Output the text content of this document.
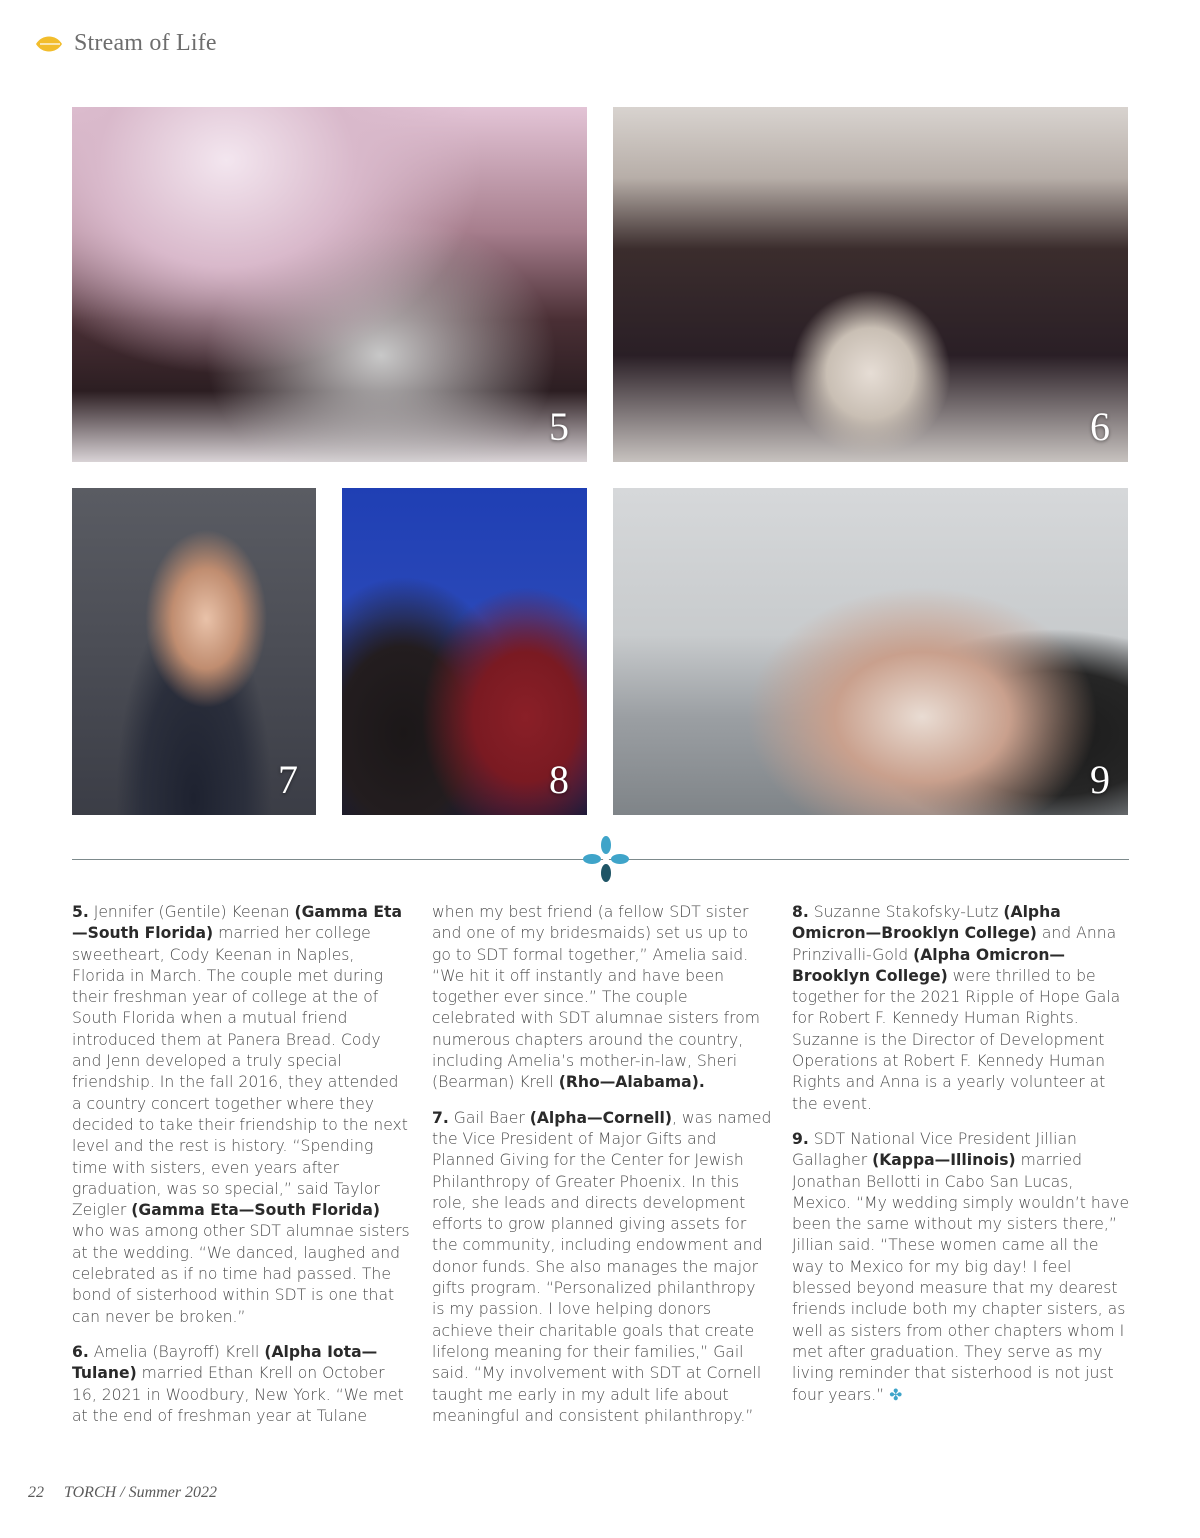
Stream of Life
5	6
7	8	9

5. Jennifer (Gentile) Keenan (Gamma Eta—South Florida) married her college sweetheart, Cody Keenan in Naples, Florida in March. The couple met during their freshman year of college at the of South Florida when a mutual friend introduced them at Panera Bread. Cody and Jenn developed a truly special friendship. In the fall 2016, they attended a country concert together where they decided to take their friendship to the next level and the rest is history. “Spending time with sisters, even years after graduation, was so special,” said Taylor Zeigler (Gamma Eta—South Florida) who was among other SDT alumnae sisters at the wedding. “We danced, laughed and celebrated as if no time had passed. The bond of sisterhood within SDT is one that can never be broken.”

6. Amelia (Bayroff) Krell (Alpha Iota—Tulane) married Ethan Krell on October 16, 2021 in Woodbury, New York. “We met at the end of freshman year at Tulane

7. Gail Baer (Alpha—Cornell), was named the Vice President of Major Gifts and Planned Giving for the Center for Jewish Philanthropy of Greater Phoenix. In this role, she leads and directs development efforts to grow planned giving assets for the community, including endowment and donor funds. She also manages the major gifts program. “Personalized philanthropy is my passion. I love helping donors achieve their charitable goals that create lifelong meaning for their families,” Gail said. “My involvement with SDT at Cornell taught me early in my adult life about meaningful and consistent philanthropy.”

8. Suzanne Stakofsky-Lutz (Alpha Omicron—Brooklyn College) and Anna Prinzivalli-Gold (Alpha Omicron—Brooklyn College) were thrilled to be together for the 2021 Ripple of Hope Gala for Robert F. Kennedy Human Rights. Suzanne is the Director of Development Operations at Robert F. Kennedy Human Rights and Anna is a yearly volunteer at the event.

9. SDT National Vice President Jillian Gallagher (Kappa—Illinois) married Jonathan Bellotti in Cabo San Lucas, Mexico. “My wedding simply wouldn’t have been the same without my sisters there,” Jillian said. “These women came all the way to Mexico for my big day! I feel blessed beyond measure that my dearest friends include both my chapter sisters, as well as sisters from other chapters whom I met after graduation. They serve as my living reminder that sisterhood is not just four years.” ✤

22 TORCH / Summer 2022

when my best friend (a fellow SDT sister and one of my bridesmaids) set us up to go to SDT formal together,” Amelia said. “We hit it off instantly and have been together ever since.” The couple celebrated with SDT alumnae sisters from numerous chapters around the country, including Amelia’s mother-in-law, Sheri (Bearman) Krell (Rho—Alabama).
